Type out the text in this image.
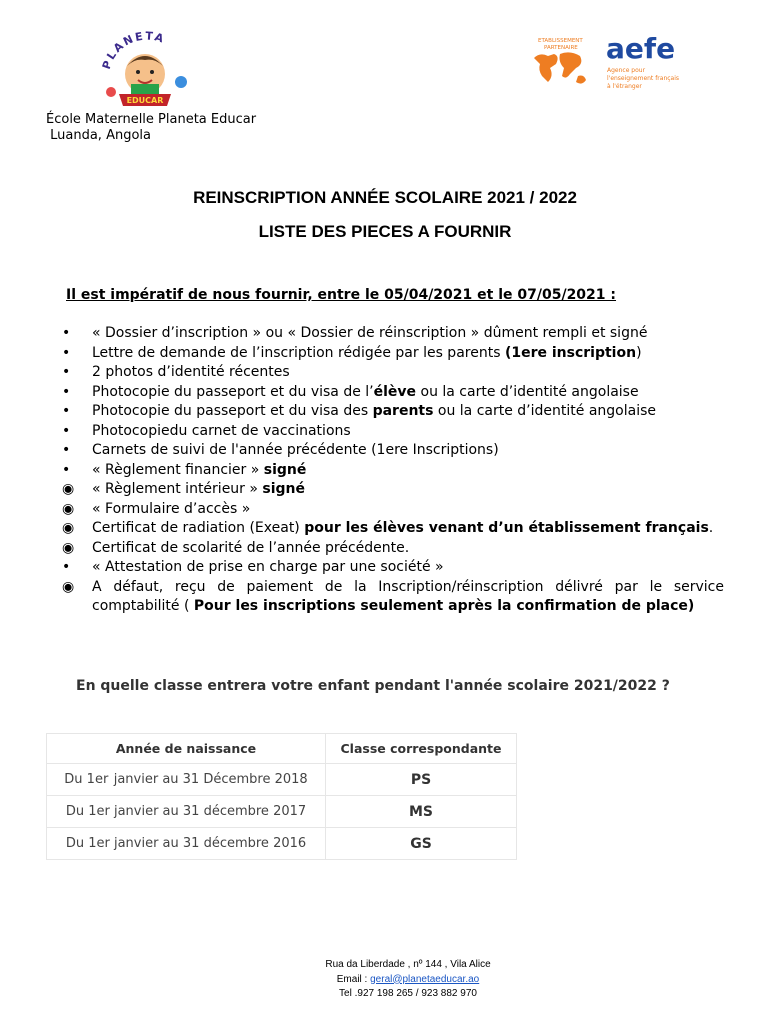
PLANETA
EDUCAR
ETABLISSEMENT
PARTENAIRE aefe
Agence pour
l'enseignement français
à l'étranger
École Maternelle Planeta Educar
Luanda, Angola
REINSCRIPTION ANNÉE SCOLAIRE 2021 / 2022
LISTE DES PIECES A FOURNIR
Il est impératif de nous fournir, entre le 05/04/2021 et le 07/05/2021 :
• « Dossier d’inscription » ou « Dossier de réinscription » dûment rempli et signé
• Lettre de demande de l’inscription rédigée par les parents (1ere inscription)
• 2 photos d’identité récentes
• Photocopie du passeport et du visa de l’élève ou la carte d’identité angolaise
• Photocopie du passeport et du visa des parents ou la carte d’identité angolaise
• Photocopiedu carnet de vaccinations
• Carnets de suivi de l'année précédente (1ere Inscriptions)
• « Règlement financier » signé
◉ « Règlement intérieur » signé
◉ « Formulaire d’accès »
◉ Certificat de radiation (Exeat) pour les élèves venant d’un établissement français.
◉ Certificat de scolarité de l’année précédente.
• « Attestation de prise en charge par une société »
◉ A défaut, reçu de paiement de la Inscription/réinscription délivré par le service comptabilité ( Pour les inscriptions seulement après la confirmation de place)
En quelle classe entrera votre enfant pendant l'année scolaire 2021/2022 ?
Année de naissance	Classe correspondante
Du 1er  janvier au 31 Décembre 2018	PS
Du 1er janvier au 31 décembre 2017	MS
Du 1er janvier au 31 décembre 2016	GS
Rua da Liberdade , nº 144 , Vila Alice
Email : geral@planetaeducar.ao
Tel .927 198 265 / 923 882 970
